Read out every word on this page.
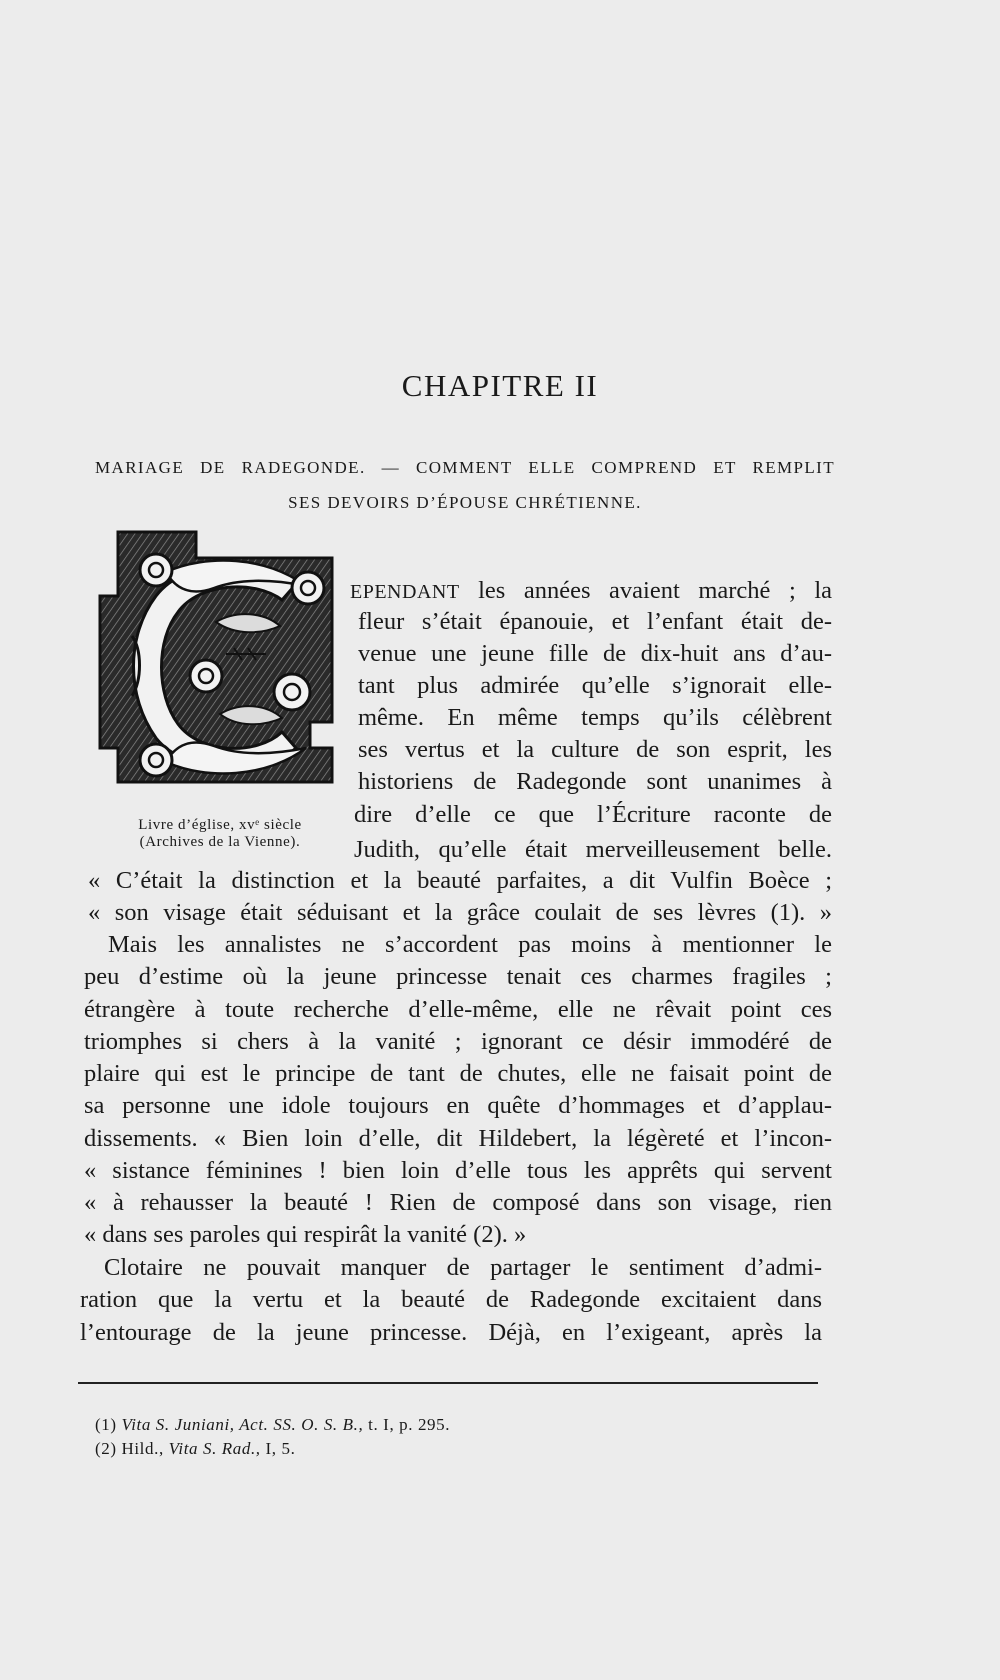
CHAPITRE II
MARIAGE DE RADEGONDE. — COMMENT ELLE COMPREND ET REMPLIT
SES DEVOIRS D’ÉPOUSE CHRÉTIENNE.
Livre d’église, xvᵉ siècle
(Archives de la Vienne).
EPENDANT les années avaient marché ; la
fleur s’était épanouie, et l’enfant était de-
venue une jeune fille de dix-huit ans d’au-
tant plus admirée qu’elle s’ignorait elle-
même. En même temps qu’ils célèbrent
ses vertus et la culture de son esprit, les
historiens de Radegonde sont unanimes à
dire d’elle ce que l’Écriture raconte de
Judith, qu’elle était merveilleusement belle.
« C’était la distinction et la beauté parfaites, a dit Vulfin Boèce ;
« son visage était séduisant et la grâce coulait de ses lèvres (1). »
Mais les annalistes ne s’accordent pas moins à mentionner le
peu d’estime où la jeune princesse tenait ces charmes fragiles ;
étrangère à toute recherche d’elle-même, elle ne rêvait point ces
triomphes si chers à la vanité ; ignorant ce désir immodéré de
plaire qui est le principe de tant de chutes, elle ne faisait point de
sa personne une idole toujours en quête d’hommages et d’applau-
dissements. « Bien loin d’elle, dit Hildebert, la légèreté et l’incon-
« sistance féminines ! bien loin d’elle tous les apprêts qui servent
« à rehausser la beauté ! Rien de composé dans son visage, rien
« dans ses paroles qui respirât la vanité (2). »
Clotaire ne pouvait manquer de partager le sentiment d’admi-
ration que la vertu et la beauté de Radegonde excitaient dans
l’entourage de la jeune princesse. Déjà, en l’exigeant, après la
(1) Vita S. Juniani, Act. SS. O. S. B., t. I, p. 295.
(2) Hild., Vita S. Rad., I, 5.
